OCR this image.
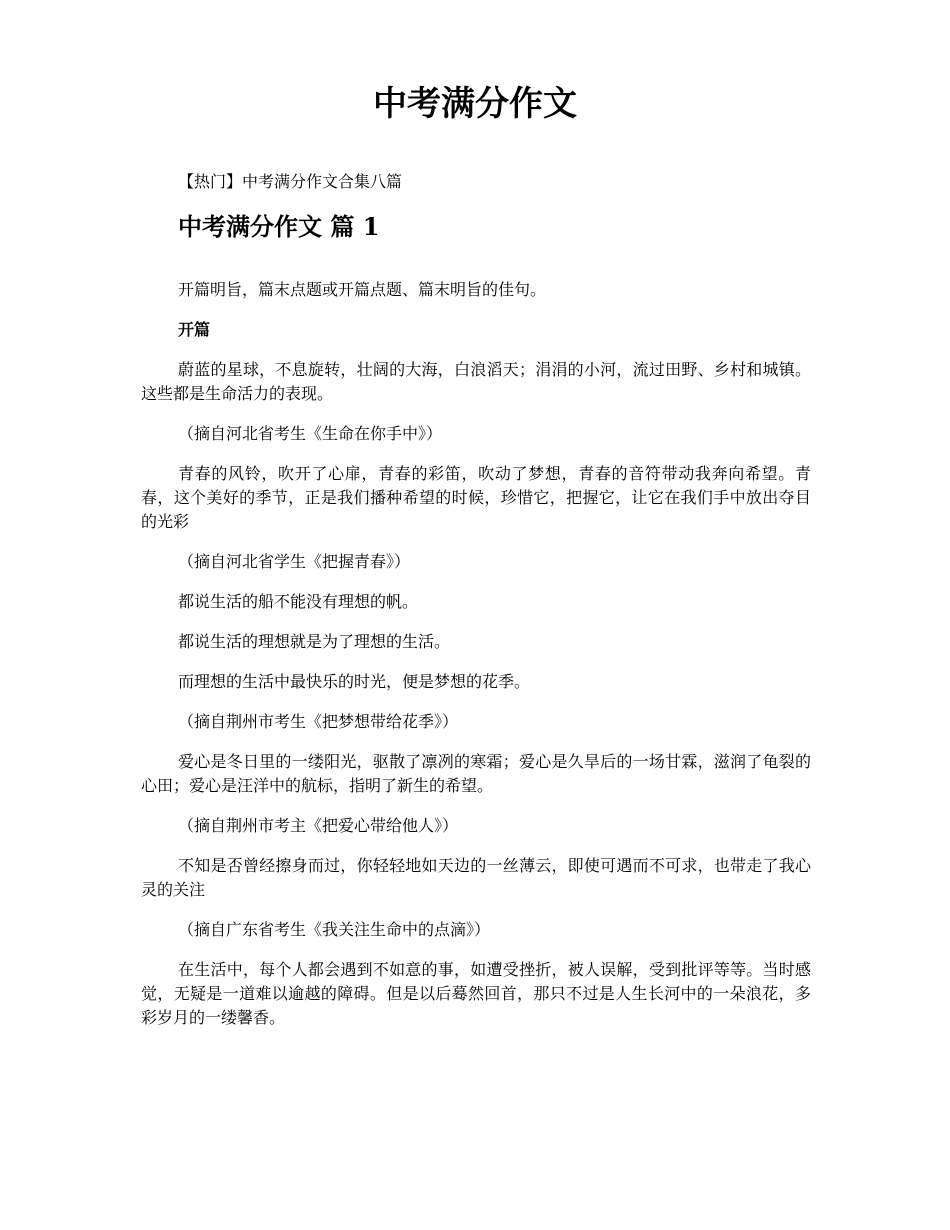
中考满分作文

【热门】中考满分作文合集八篇

中考满分作文 篇 1

开篇明旨，篇末点题或开篇点题、篇末明旨的佳句。

开篇

蔚蓝的星球，不息旋转，壮阔的大海，白浪滔天；涓涓的小河，流过田野、乡村和城镇。这些都是生命活力的表现。

（摘自河北省考生《生命在你手中》）

青春的风铃，吹开了心扉，青春的彩笛，吹动了梦想，青春的音符带动我奔向希望。青春，这个美好的季节，正是我们播种希望的时候，珍惜它，把握它，让它在我们手中放出夺目的光彩

（摘自河北省学生《把握青春》）

都说生活的船不能没有理想的帆。

都说生活的理想就是为了理想的生活。

而理想的生活中最快乐的时光，便是梦想的花季。

（摘自荆州市考生《把梦想带给花季》）

爱心是冬日里的一缕阳光，驱散了凛冽的寒霜；爱心是久旱后的一场甘霖，滋润了龟裂的心田；爱心是汪洋中的航标，指明了新生的希望。

（摘自荆州市考主《把爱心带给他人》）

不知是否曾经擦身而过，你轻轻地如天边的一丝薄云，即使可遇而不可求，也带走了我心灵的关注

（摘自广东省考生《我关注生命中的点滴》）

在生活中，每个人都会遇到不如意的事，如遭受挫折，被人误解，受到批评等等。当时感觉，无疑是一道难以逾越的障碍。但是以后蓦然回首，那只不过是人生长河中的一朵浪花，多彩岁月的一缕馨香。
